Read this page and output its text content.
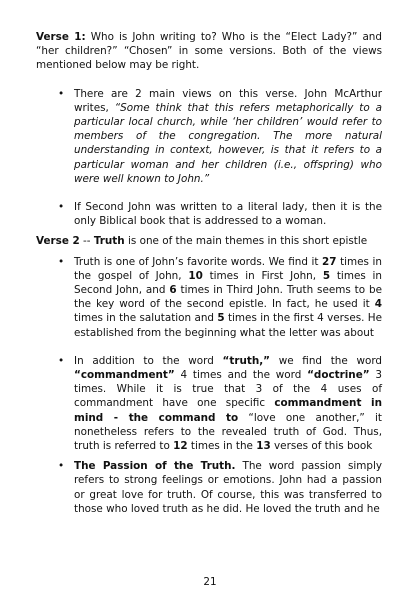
Verse 1: Who is John writing to? Who is the “Elect Lady?” and “her children?” “Chosen” in some versions. Both of the views mentioned below may be right.

• There are 2 main views on this verse. John McArthur writes, “Some think that this refers metaphorically to a particular local church, while ‘her children’ would refer to members of the congregation. The more natural understanding in context, however, is that it refers to a particular woman and her children (i.e., offspring) who were well known to John.”
• If Second John was written to a literal lady, then it is the only Biblical book that is addressed to a woman.

Verse 2 -- Truth is one of the main themes in this short epistle

• Truth is one of John’s favorite words. We find it 27 times in the gospel of John, 10 times in First John, 5 times in Second John, and 6 times in Third John. Truth seems to be the key word of the second epistle. In fact, he used it 4 times in the salutation and 5 times in the first 4 verses. He established from the beginning what the letter was about
• In addition to the word “truth,” we find the word “commandment” 4 times and the word “doctrine” 3 times. While it is true that 3 of the 4 uses of commandment have one specific commandment in mind - the command to “love one another,” it nonetheless refers to the revealed truth of God. Thus, truth is referred to 12 times in the 13 verses of this book
• The Passion of the Truth. The word passion simply refers to strong feelings or emotions. John had a passion or great love for truth. Of course, this was transferred to those who loved truth as he did. He loved the truth and he
21
